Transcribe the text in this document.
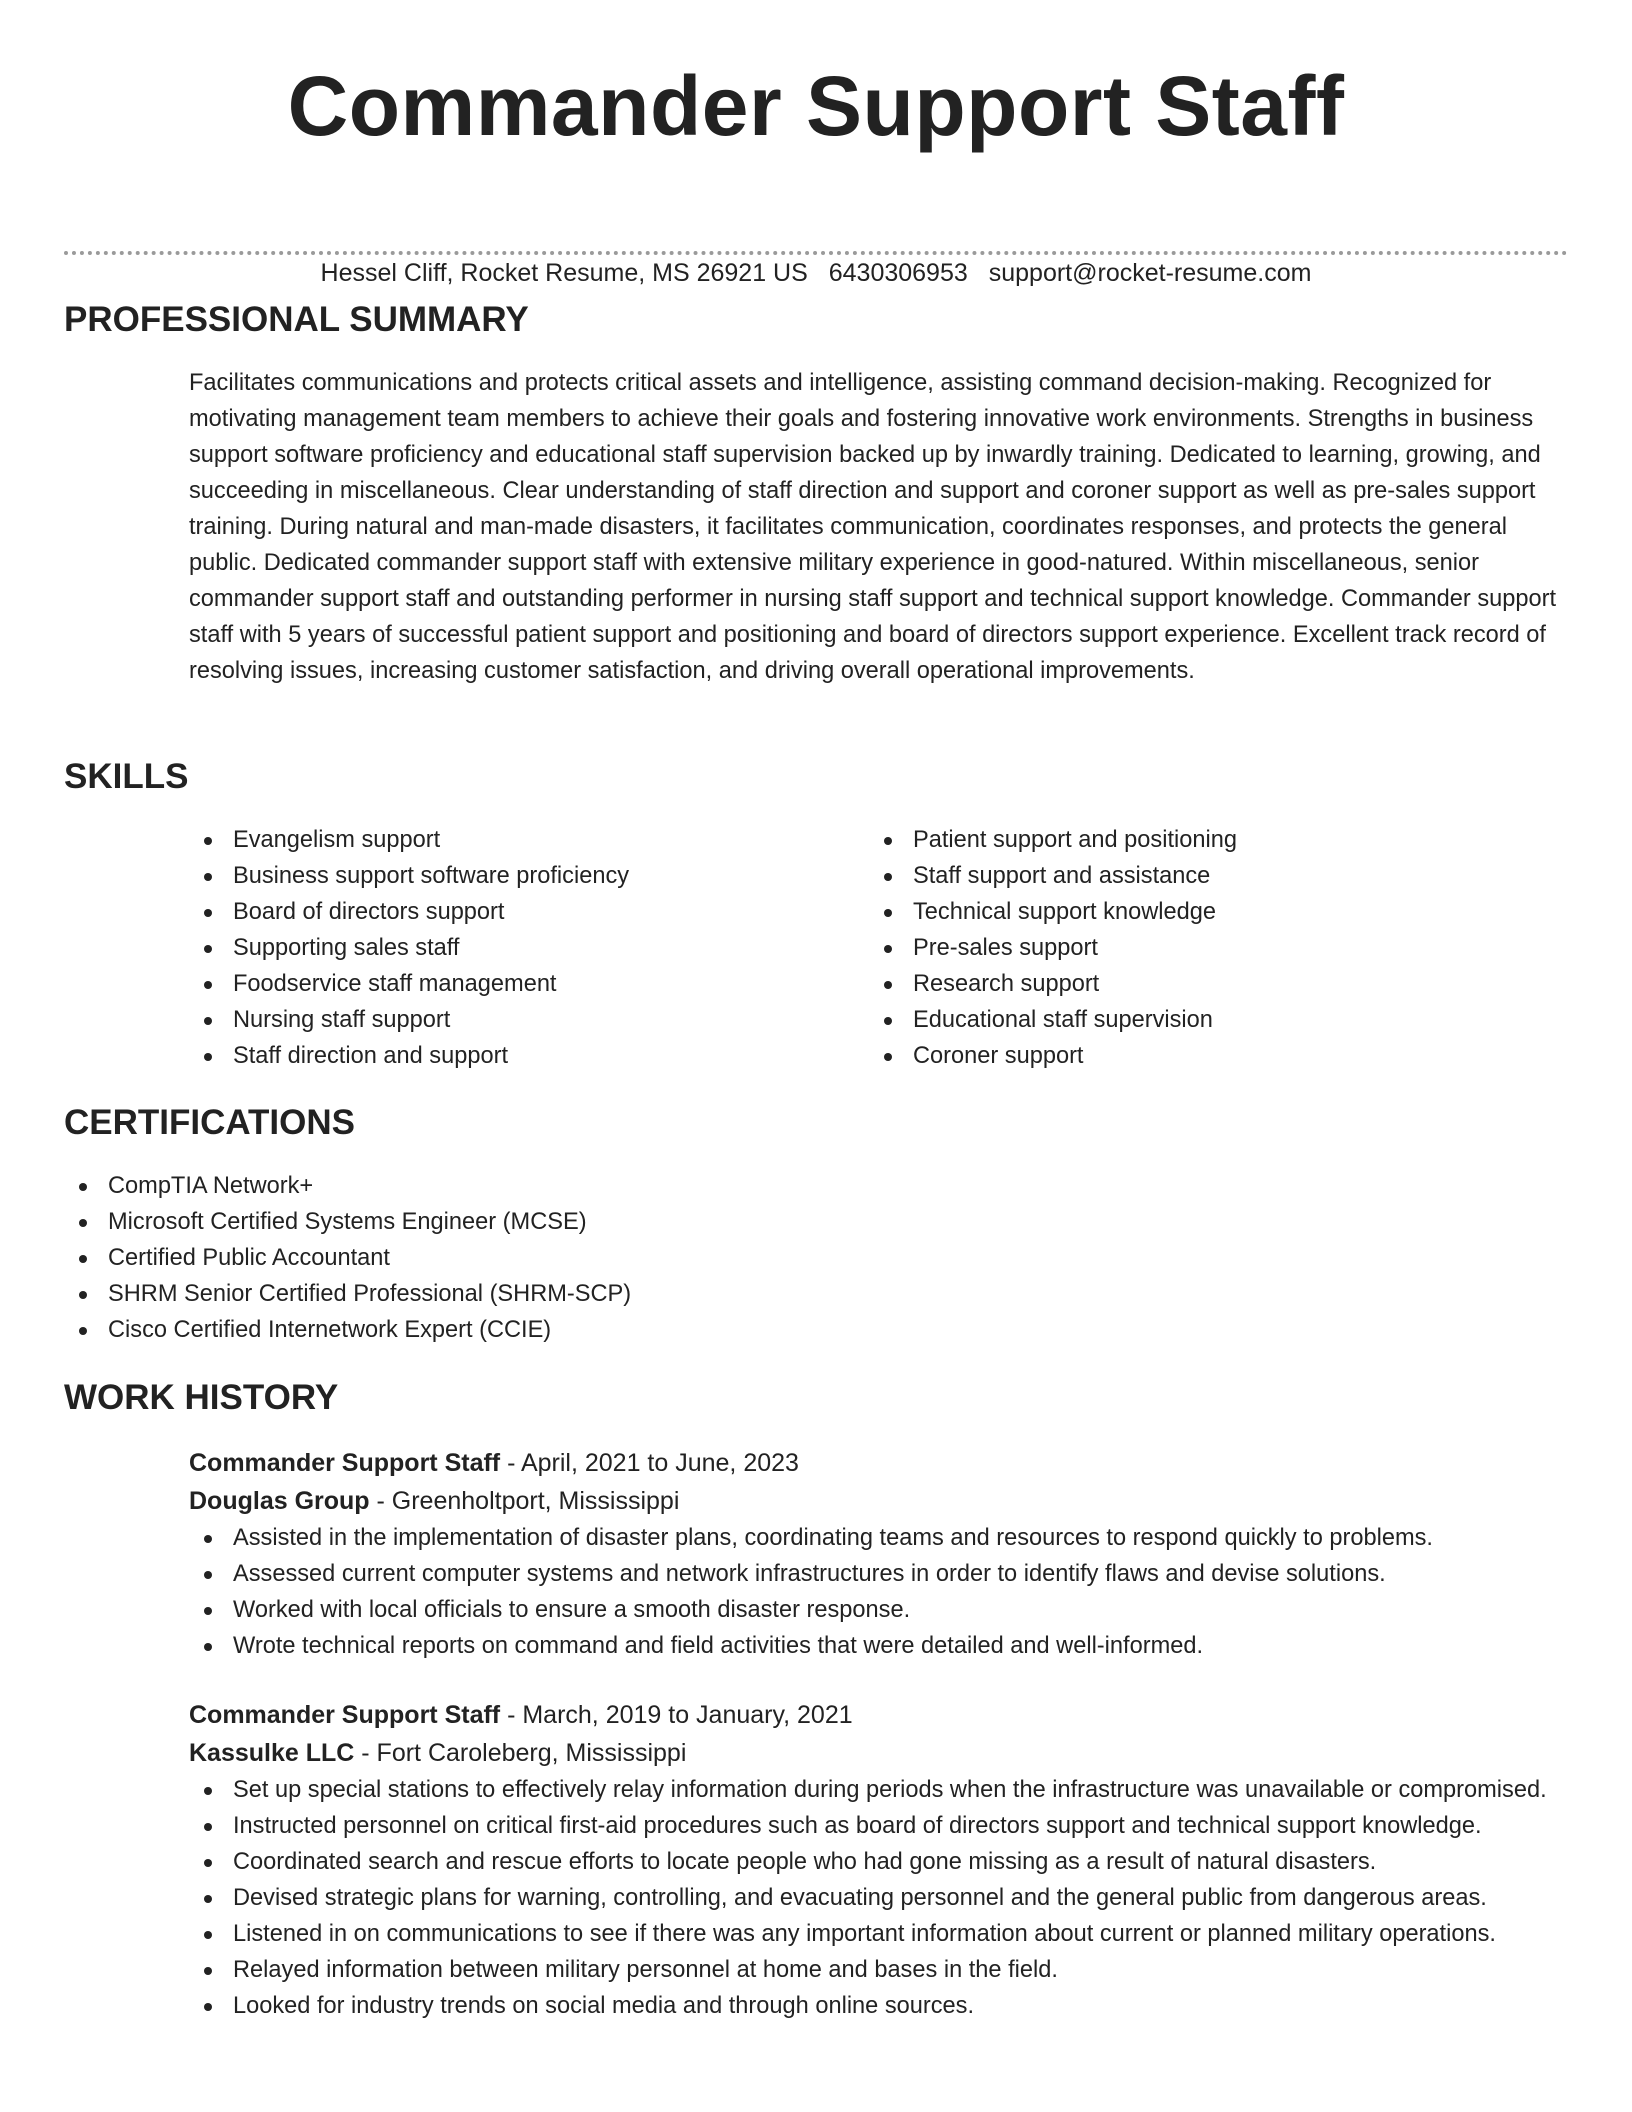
Commander Support Staff
Hessel Cliff, Rocket Resume, MS 26921 US 6430306953 support@rocket-resume.com
PROFESSIONAL SUMMARY
Facilitates communications and protects critical assets and intelligence, assisting command decision-making. Recognized for motivating management team members to achieve their goals and fostering innovative work environments. Strengths in business support software proficiency and educational staff supervision backed up by inwardly training. Dedicated to learning, growing, and succeeding in miscellaneous. Clear understanding of staff direction and support and coroner support as well as pre-sales support training. During natural and man-made disasters, it facilitates communication, coordinates responses, and protects the general public. Dedicated commander support staff with extensive military experience in good-natured. Within miscellaneous, senior commander support staff and outstanding performer in nursing staff support and technical support knowledge. Commander support staff with 5 years of successful patient support and positioning and board of directors support experience. Excellent track record of resolving issues, increasing customer satisfaction, and driving overall operational improvements.
SKILLS
Evangelism support
Business support software proficiency
Board of directors support
Supporting sales staff
Foodservice staff management
Nursing staff support
Staff direction and support
Patient support and positioning
Staff support and assistance
Technical support knowledge
Pre-sales support
Research support
Educational staff supervision
Coroner support
CERTIFICATIONS
CompTIA Network+
Microsoft Certified Systems Engineer (MCSE)
Certified Public Accountant
SHRM Senior Certified Professional (SHRM-SCP)
Cisco Certified Internetwork Expert (CCIE)
WORK HISTORY
Commander Support Staff - April, 2021 to June, 2023
Douglas Group - Greenholtport, Mississippi
Assisted in the implementation of disaster plans, coordinating teams and resources to respond quickly to problems.
Assessed current computer systems and network infrastructures in order to identify flaws and devise solutions.
Worked with local officials to ensure a smooth disaster response.
Wrote technical reports on command and field activities that were detailed and well-informed.
Commander Support Staff - March, 2019 to January, 2021
Kassulke LLC - Fort Caroleberg, Mississippi
Set up special stations to effectively relay information during periods when the infrastructure was unavailable or compromised.
Instructed personnel on critical first-aid procedures such as board of directors support and technical support knowledge.
Coordinated search and rescue efforts to locate people who had gone missing as a result of natural disasters.
Devised strategic plans for warning, controlling, and evacuating personnel and the general public from dangerous areas.
Listened in on communications to see if there was any important information about current or planned military operations.
Relayed information between military personnel at home and bases in the field.
Looked for industry trends on social media and through online sources.
